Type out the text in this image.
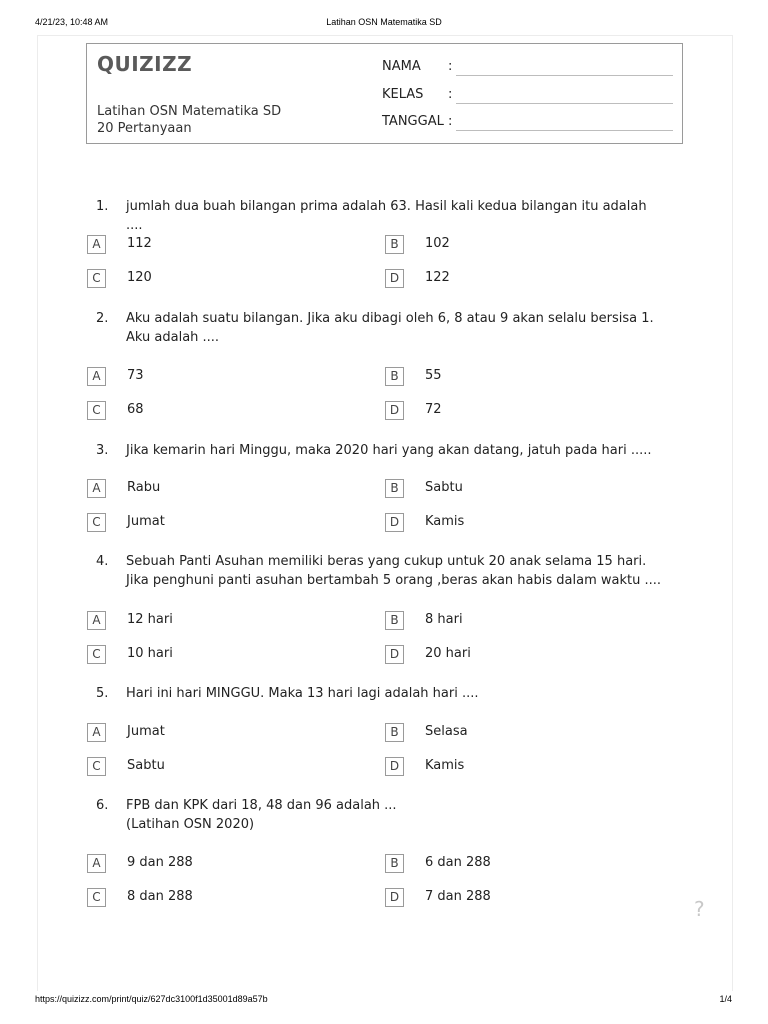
4/21/23, 10:48 AM	Latihan OSN Matematika SD
QUIZIZZ
Latihan OSN Matematika SD
20 Pertanyaan
NAMA :
KELAS :
TANGGAL :
1. jumlah dua buah bilangan prima adalah 63. Hasil kali kedua bilangan itu adalah ....
A	112	B	102
C	120	D	122
2. Aku adalah suatu bilangan. Jika aku dibagi oleh 6, 8 atau 9 akan selalu bersisa 1. Aku adalah ....
A	73	B	55
C	68	D	72
3. Jika kemarin hari Minggu, maka 2020 hari yang akan datang, jatuh pada hari .....
A	Rabu	B	Sabtu
C	Jumat	D	Kamis
4. Sebuah Panti Asuhan memiliki beras yang cukup untuk 20 anak selama 15 hari. Jika penghuni panti asuhan bertambah 5 orang ,beras akan habis dalam waktu ....
A	12 hari	B	8 hari
C	10 hari	D	20 hari
5. Hari ini hari MINGGU. Maka 13 hari lagi adalah hari ....
A	Jumat	B	Selasa
C	Sabtu	D	Kamis
6. FPB dan KPK dari 18, 48 dan 96 adalah ...
(Latihan OSN 2020)
A	9 dan 288	B	6 dan 288
C	8 dan 288	D	7 dan 288
?
https://quizizz.com/print/quiz/627dc3100f1d35001d89a57b	1/4
